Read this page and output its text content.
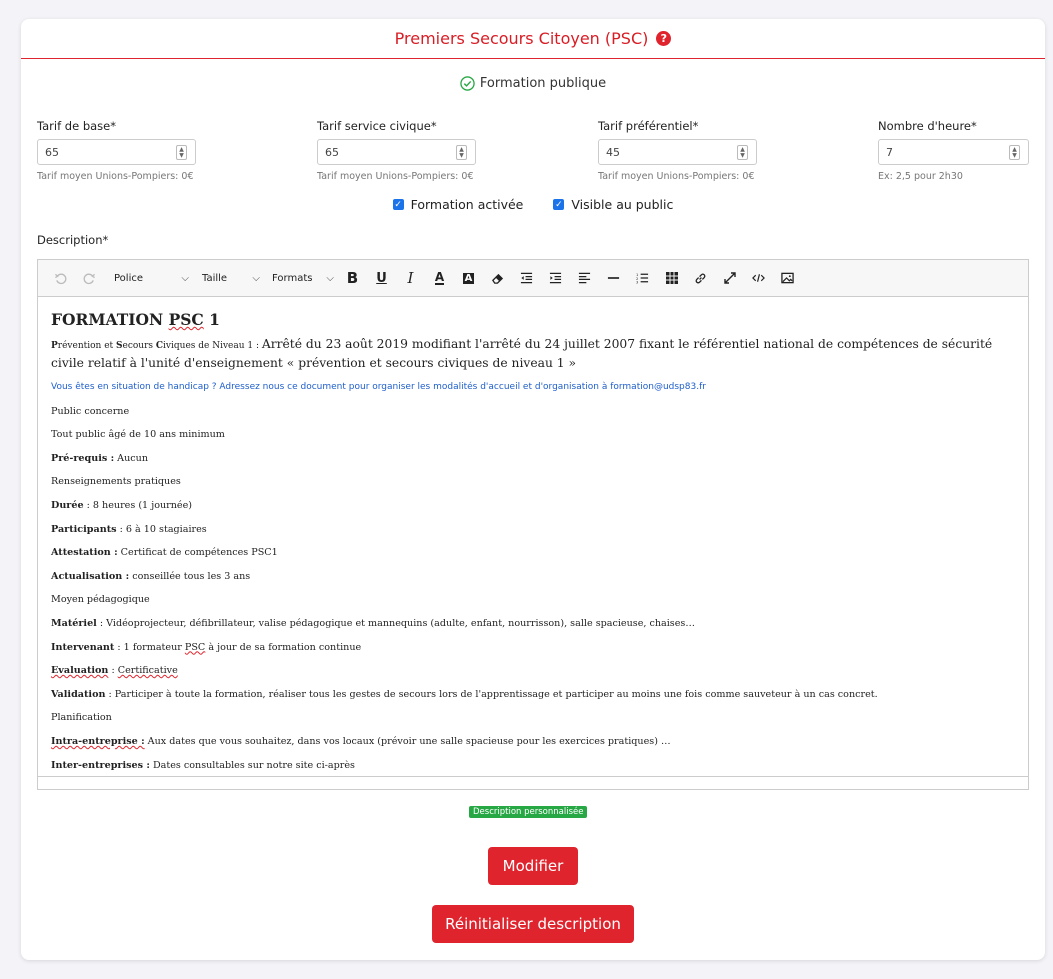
Premiers Secours Citoyen (PSC)	?
Formation publique
Tarif de base*
65	▲
▼
Tarif moyen Unions-Pompiers: 0€
Tarif service civique*
65	▲
▼
Tarif moyen Unions-Pompiers: 0€
Tarif préférentiel*
45	▲
▼
Tarif moyen Unions-Pompiers: 0€
Nombre d'heure*
7	▲
▼
Ex: 2,5 pour 2h30
✓ Formation activée	✓ Visible au public
Description*
Police	⌵ Taille	⌵ Formats ⌵ B	U	I	A A	1
2
3
FORMATION PSC 1
Prévention et Secours Civiques de Niveau 1 : Arrêté du 23 août 2019 modifiant l'arrêté du 24 juillet 2007 fixant le référentiel national de compétences de sécurité civile relatif à l'unité d'enseignement « prévention et secours civiques de niveau 1 »

Vous êtes en situation de handicap ? Adressez nous ce document pour organiser les modalités d'accueil et d'organisation à formation@udsp83.fr

Public concerne

Tout public âgé de 10 ans minimum

Pré-requis : Aucun

Renseignements pratiques

Durée : 8 heures (1 journée)

Participants : 6 à 10 stagiaires

Attestation : Certificat de compétences PSC1

Actualisation : conseillée tous les 3 ans

Moyen pédagogique

Matériel : Vidéoprojecteur, défibrillateur, valise pédagogique et mannequins (adulte, enfant, nourrisson), salle spacieuse, chaises…

Intervenant : 1 formateur PSC à jour de sa formation continue

Evaluation : Certificative

Validation : Participer à toute la formation, réaliser tous les gestes de secours lors de l'apprentissage et participer au moins une fois comme sauveteur à un cas concret.

Planification

Intra-entreprise : Aux dates que vous souhaitez, dans vos locaux (prévoir une salle spacieuse pour les exercices pratiques) …

Inter-entreprises : Dates consultables sur notre site ci-après

Description personnalisée
Modifier
Réinitialiser description
